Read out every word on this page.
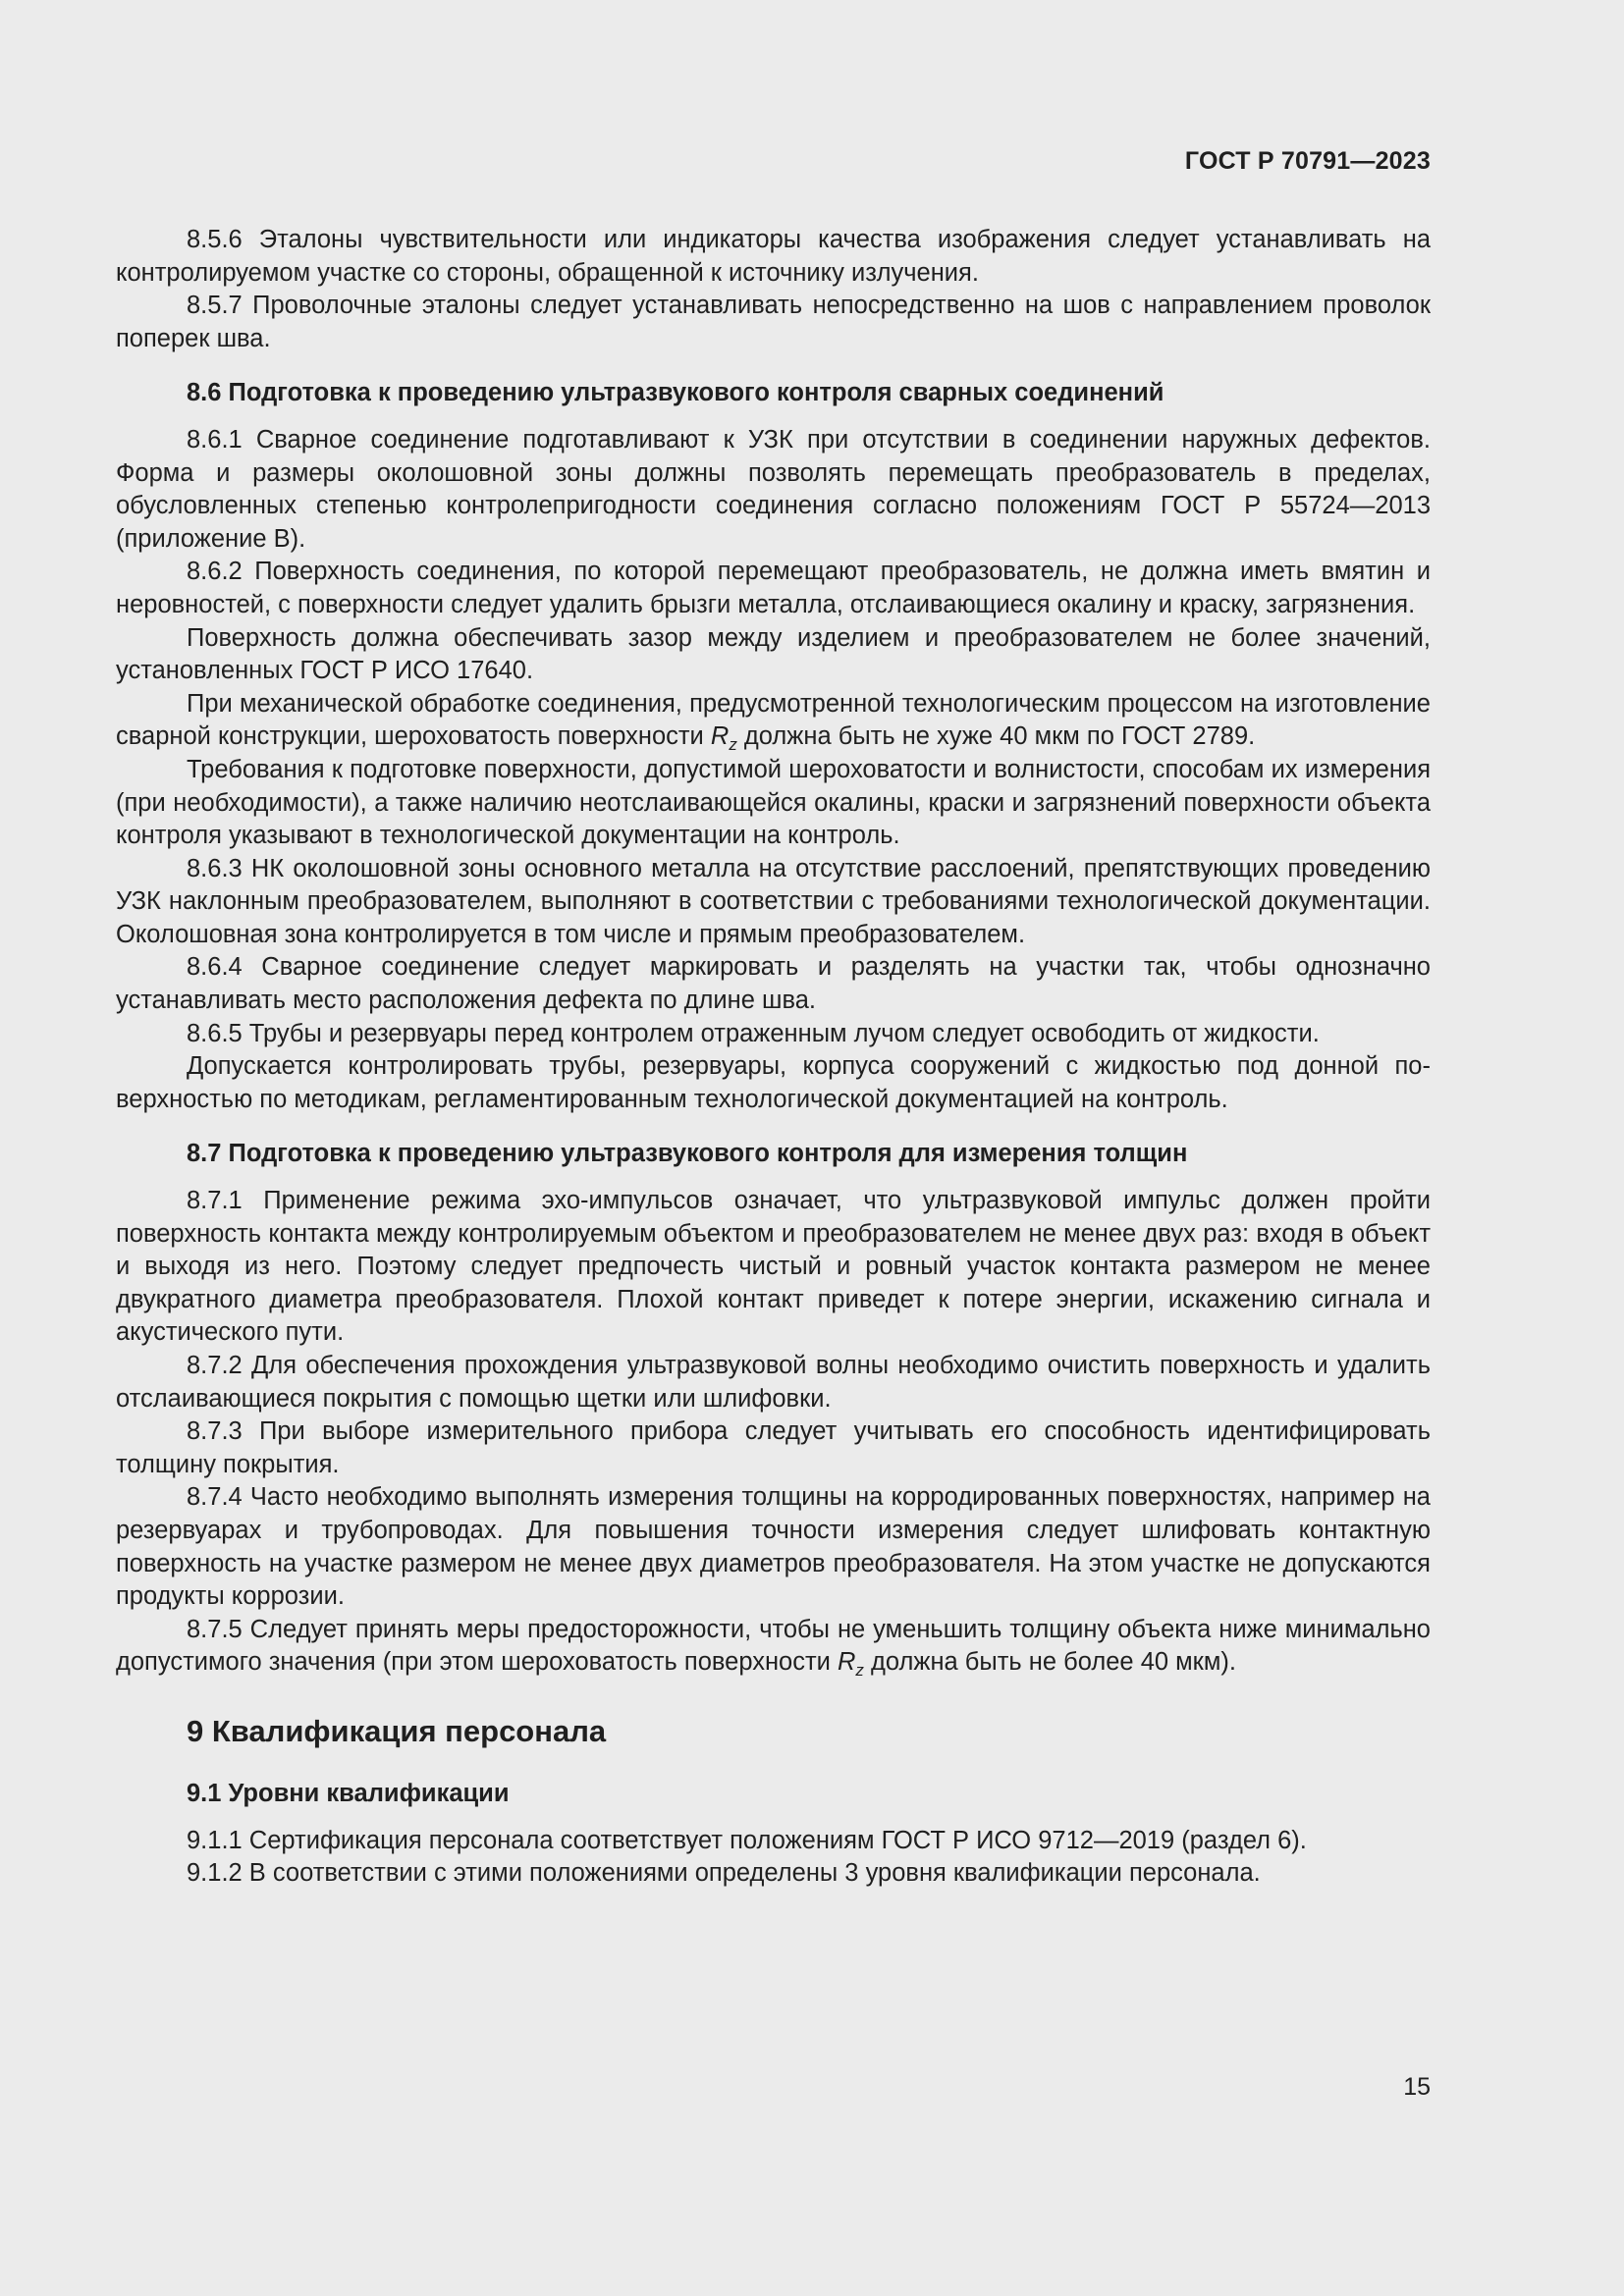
ГОСТ Р 70791—2023

8.5.6 Эталоны чувствительности или индикаторы качества изображения следует устанавливать на контролируемом участке со стороны, обращенной к источнику излучения.

8.5.7 Проволочные эталоны следует устанавливать непосредственно на шов с направлением проволок поперек шва.

8.6 Подготовка к проведению ультразвукового контроля сварных соединений

8.6.1 Сварное соединение подготавливают к УЗК при отсутствии в соединении наружных дефектов. Форма и размеры околошовной зоны должны позволять перемещать преобразователь в пределах, обусловленных степенью контролепригодности соединения согласно положениям ГОСТ Р 55724—2013 (приложение В).

8.6.2 Поверхность соединения, по которой перемещают преобразователь, не должна иметь вмятин и неровностей, с поверхности следует удалить брызги металла, отслаивающиеся окалину и краску, загрязнения.

Поверхность должна обеспечивать зазор между изделием и преобразователем не более значений, установленных ГОСТ Р ИСО 17640.

При механической обработке соединения, предусмотренной технологическим процессом на изготовление сварной конструкции, шероховатость поверхности $R_z$ должна быть не хуже 40 мкм по ГОСТ 2789.

Требования к подготовке поверхности, допустимой шероховатости и волнистости, способам их измерения (при необходимости), а также наличию неотслаивающейся окалины, краски и загрязнений поверхности объекта контроля указывают в технологической документации на контроль.

8.6.3 НК околошовной зоны основного металла на отсутствие расслоений, препятствующих проведению УЗК наклонным преобразователем, выполняют в соответствии с требованиями технологической документации. Околошовная зона контролируется в том числе и прямым преобразователем.

8.6.4 Сварное соединение следует маркировать и разделять на участки так, чтобы однозначно устанавливать место расположения дефекта по длине шва.

8.6.5 Трубы и резервуары перед контролем отраженным лучом следует освободить от жидкости.

Допускается контролировать трубы, резервуары, корпуса сооружений с жидкостью под донной поверхностью по методикам, регламентированным технологической документацией на контроль.

8.7 Подготовка к проведению ультразвукового контроля для измерения толщин

8.7.1 Применение режима эхо-импульсов означает, что ультразвуковой импульс должен пройти поверхность контакта между контролируемым объектом и преобразователем не менее двух раз: входя в объект и выходя из него. Поэтому следует предпочесть чистый и ровный участок контакта размером не менее двукратного диаметра преобразователя. Плохой контакт приведет к потере энергии, искажению сигнала и акустического пути.

8.7.2 Для обеспечения прохождения ультразвуковой волны необходимо очистить поверхность и удалить отслаивающиеся покрытия с помощью щетки или шлифовки.

8.7.3 При выборе измерительного прибора следует учитывать его способность идентифицировать толщину покрытия.

8.7.4 Часто необходимо выполнять измерения толщины на корродированных поверхностях, например на резервуарах и трубопроводах. Для повышения точности измерения следует шлифовать контактную поверхность на участке размером не менее двух диаметров преобразователя. На этом участке не допускаются продукты коррозии.

8.7.5 Следует принять меры предосторожности, чтобы не уменьшить толщину объекта ниже минимально допустимого значения (при этом шероховатость поверхности $R_z$ должна быть не более 40 мкм).

9 Квалификация персонала
9.1 Уровни квалификации

9.1.1 Сертификация персонала соответствует положениям ГОСТ Р ИСО 9712—2019 (раздел 6).

9.1.2 В соответствии с этими положениями определены 3 уровня квалификации персонала.

15
